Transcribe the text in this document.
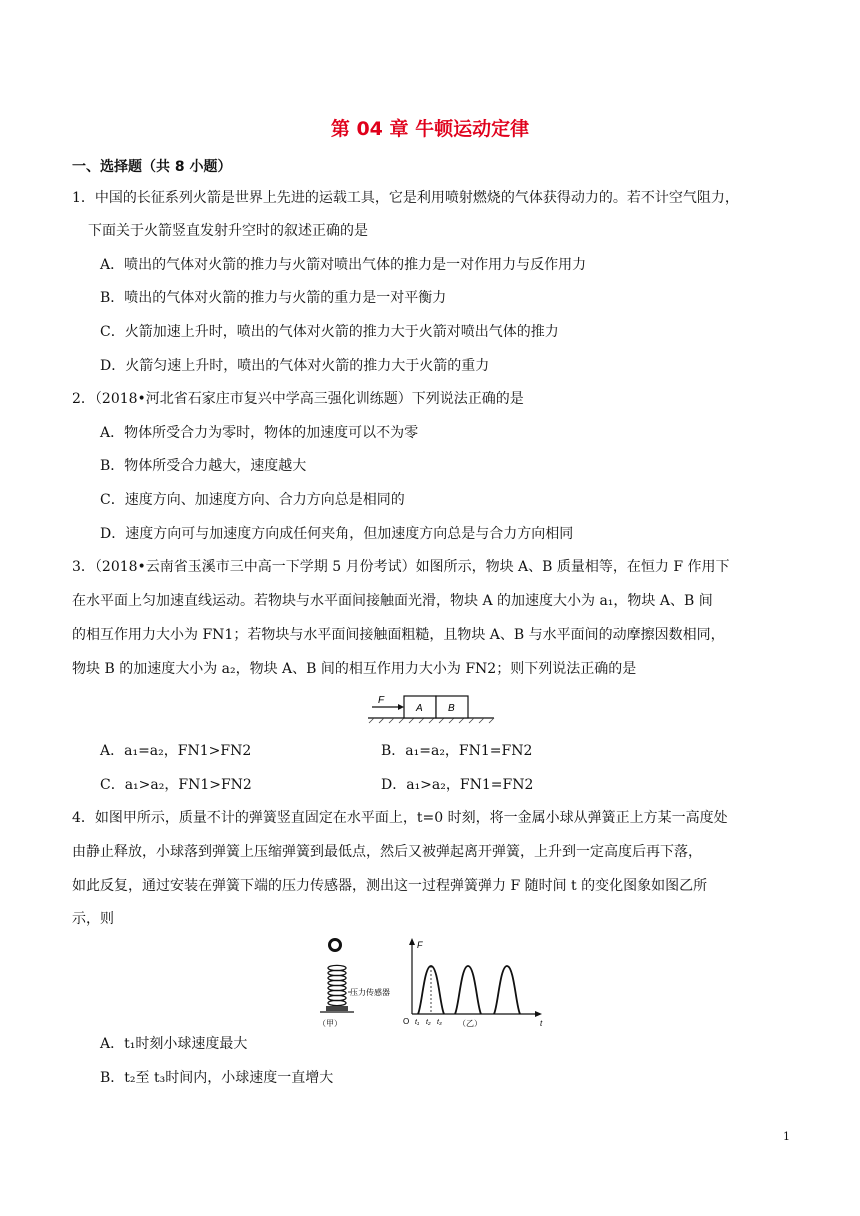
第 04 章 牛顿运动定律
一、选择题（共 8 小题）
1．中国的长征系列火箭是世界上先进的运载工具，它是利用喷射燃烧的气体获得动力的。若不计空气阻力，
下面关于火箭竖直发射升空时的叙述正确的是
A．喷出的气体对火箭的推力与火箭对喷出气体的推力是一对作用力与反作用力
B．喷出的气体对火箭的推力与火箭的重力是一对平衡力
C．火箭加速上升时，喷出的气体对火箭的推力大于火箭对喷出气体的推力
D．火箭匀速上升时，喷出的气体对火箭的推力大于火箭的重力
2．（2018•河北省石家庄市复兴中学高三强化训练题）下列说法正确的是
A．物体所受合力为零时，物体的加速度可以不为零
B．物体所受合力越大，速度越大
C．速度方向、加速度方向、合力方向总是相同的
D．速度方向可与加速度方向成任何夹角，但加速度方向总是与合力方向相同
3．（2018•云南省玉溪市三中高一下学期 5 月份考试）如图所示，物块 A、B 质量相等，在恒力 F 作用下
在水平面上匀加速直线运动。若物块与水平面间接触面光滑，物块 A 的加速度大小为 a₁，物块 A、B 间
的相互作用力大小为 FN1；若物块与水平面间接触面粗糙，且物块 A、B 与水平面间的动摩擦因数相同，
物块 B 的加速度大小为 a₂，物块 A、B 间的相互作用力大小为 FN2；则下列说法正确的是
F
A	B
A．a₁=a₂，FN1>FN2	B．a₁=a₂，FN1=FN2
C．a₁>a₂，FN1>FN2	D．a₁>a₂，FN1=FN2
4．如图甲所示，质量不计的弹簧竖直固定在水平面上，t=0 时刻，将一金属小球从弹簧正上方某一高度处
由静止释放，小球落到弹簧上压缩弹簧到最低点，然后又被弹起离开弹簧，上升到一定高度后再下落，
如此反复，通过安装在弹簧下端的压力传感器，测出这一过程弹簧弹力 F 随时间 t 的变化图象如图乙所
示，则
压力传感器
（甲）
F
O t₁ t₂ t₃ （乙）	t
A．t₁时刻小球速度最大
B．t₂至 t₃时间内，小球速度一直增大
1
